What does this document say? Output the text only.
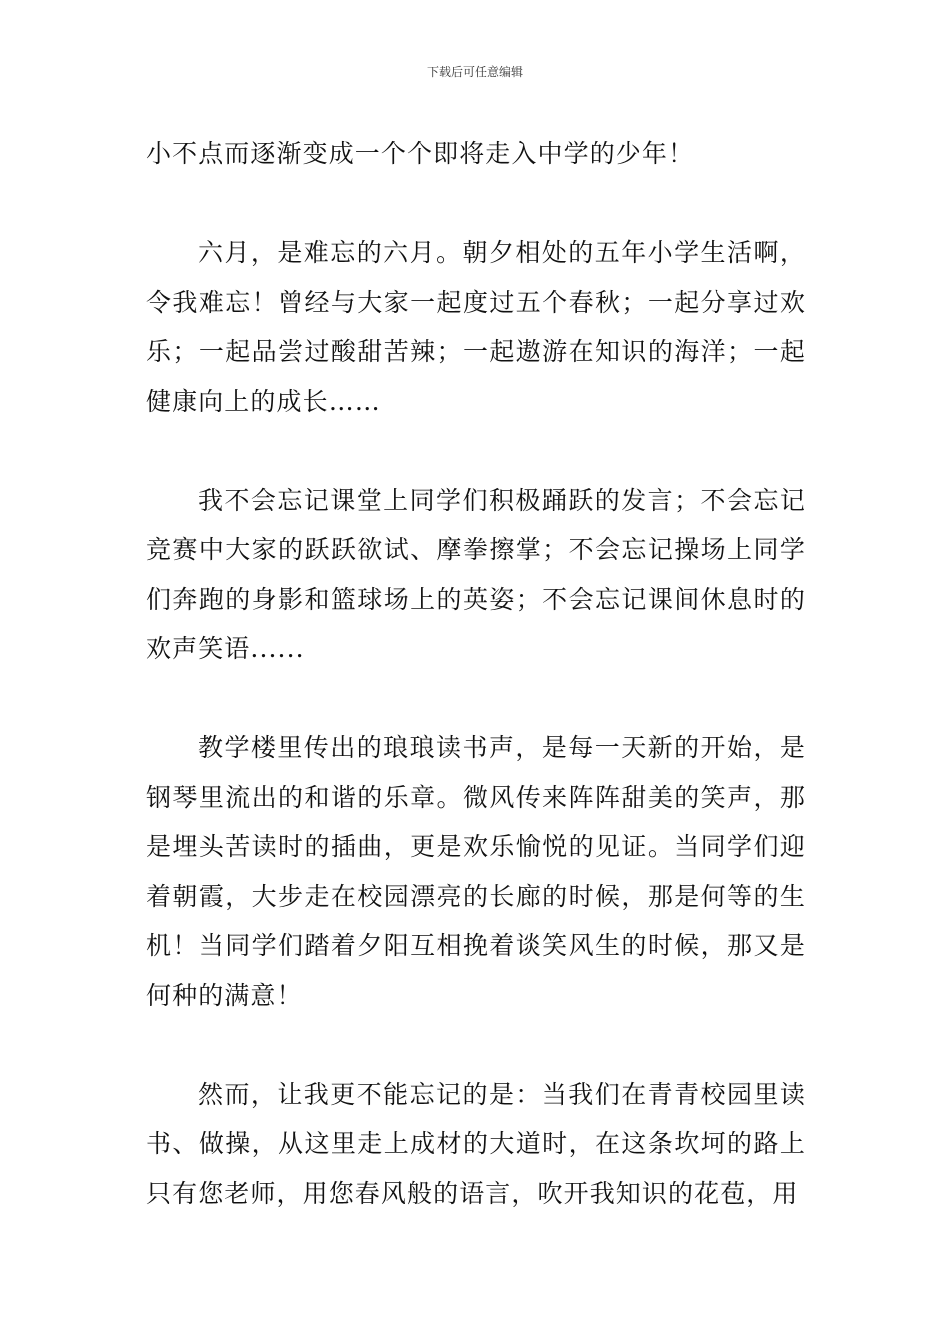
下载后可任意编辑

小不点而逐渐变成一个个即将走入中学的少年！

六月，是难忘的六月。朝夕相处的五年小学生活啊，令我难忘！曾经与大家一起度过五个春秋；一起分享过欢乐；一起品尝过酸甜苦辣；一起遨游在知识的海洋；一起健康向上的成长……

我不会忘记课堂上同学们积极踊跃的发言；不会忘记竞赛中大家的跃跃欲试、摩拳擦掌；不会忘记操场上同学们奔跑的身影和篮球场上的英姿；不会忘记课间休息时的欢声笑语......

教学楼里传出的琅琅读书声，是每一天新的开始，是钢琴里流出的和谐的乐章。微风传来阵阵甜美的笑声，那是埋头苦读时的插曲，更是欢乐愉悦的见证。当同学们迎着朝霞，大步走在校园漂亮的长廊的时候，那是何等的生机！当同学们踏着夕阳互相挽着谈笑风生的时候，那又是何种的满意！

然而，让我更不能忘记的是：当我们在青青校园里读书、做操，从这里走上成材的大道时，在这条坎坷的路上只有您老师，用您春风般的语言，吹开我知识的花苞，用
